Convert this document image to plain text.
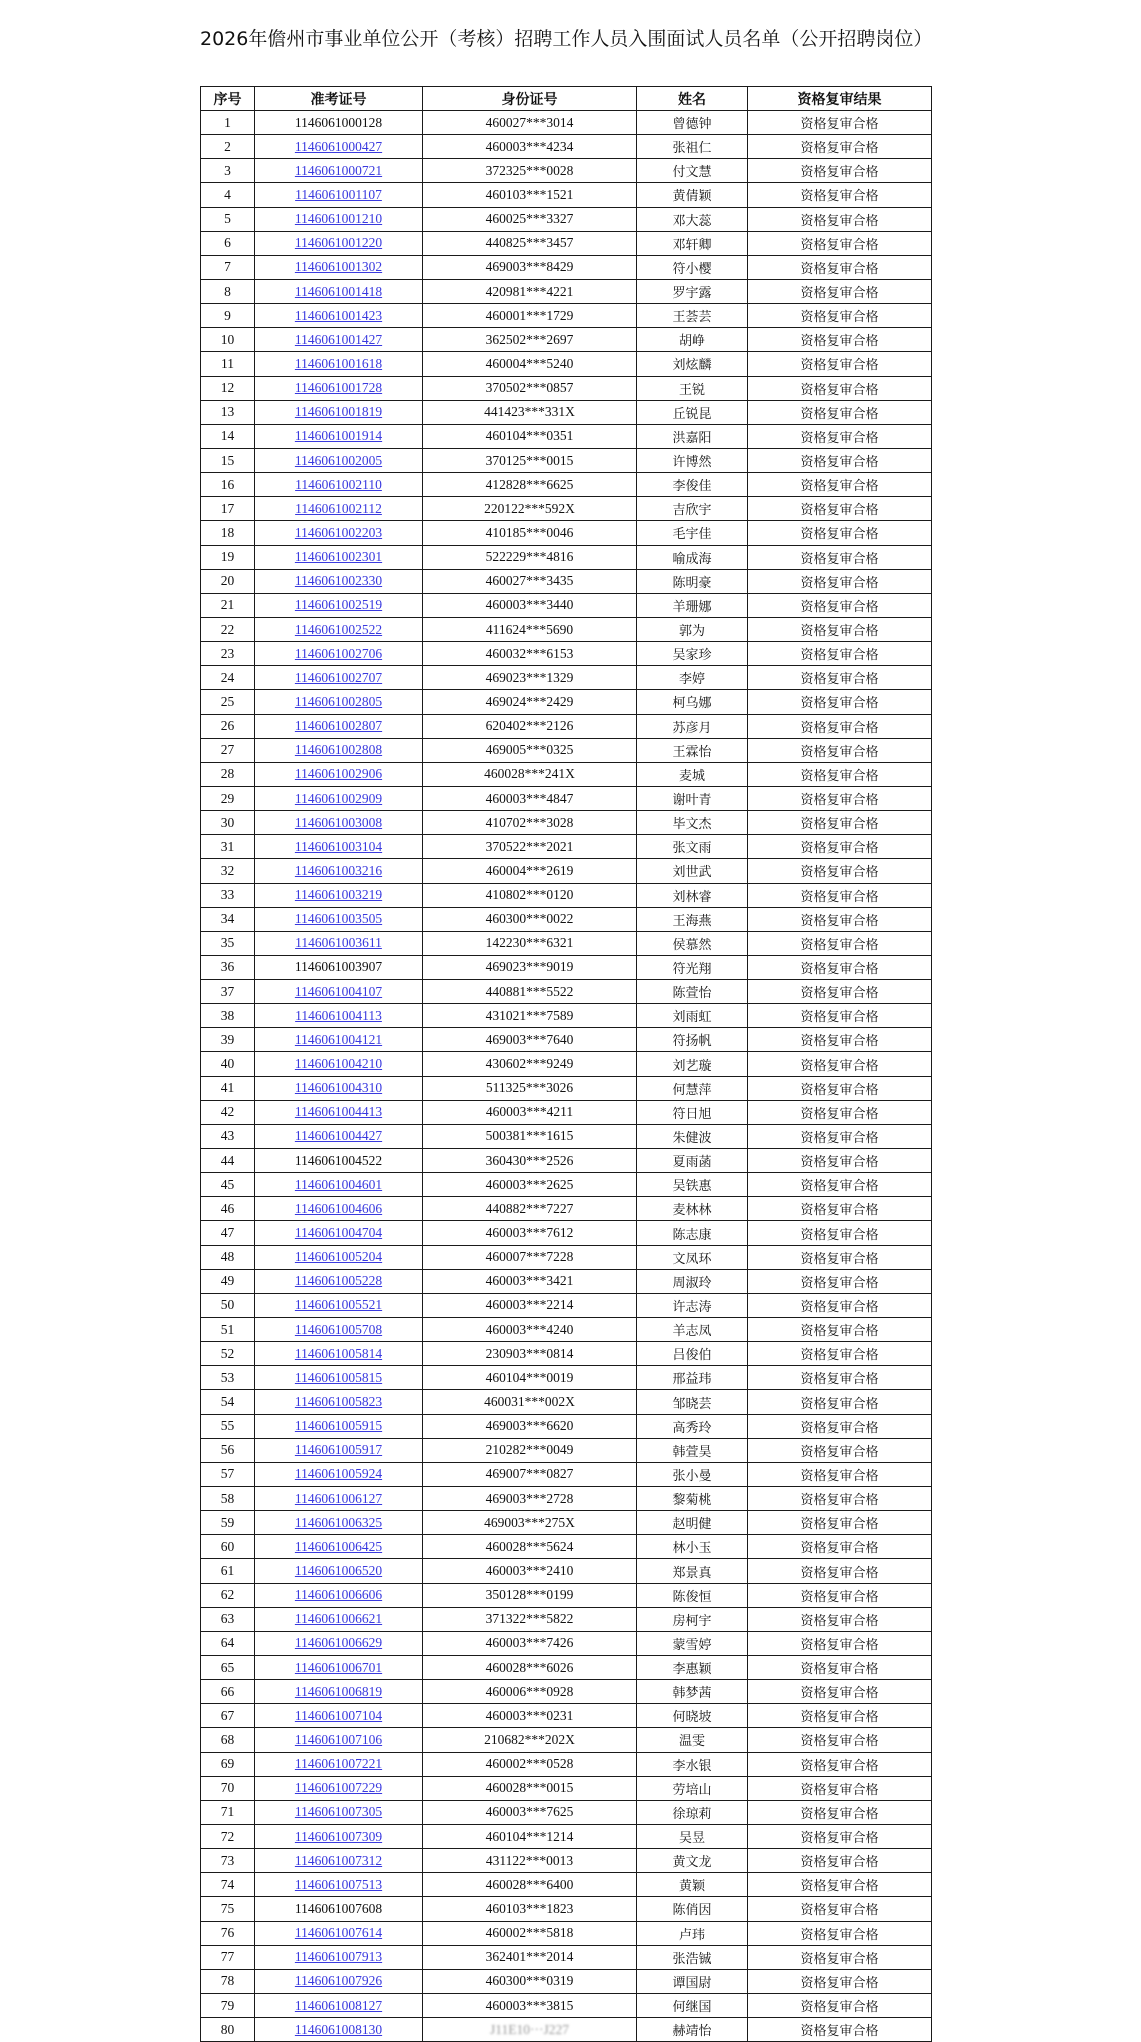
2026年儋州市事业单位公开（考核）招聘工作人员入围面试人员名单（公开招聘岗位）
序号	准考证号	身份证号	姓名	资格复审结果
1	1146061000128	460027***3014	曾德钟	资格复审合格
2	1146061000427	460003***4234	张祖仁	资格复审合格
3	1146061000721	372325***0028	付文慧	资格复审合格
4	1146061001107	460103***1521	黄倩颖	资格复审合格
5	1146061001210	460025***3327	邓大蕊	资格复审合格
6	1146061001220	440825***3457	邓轩卿	资格复审合格
7	1146061001302	469003***8429	符小樱	资格复审合格
8	1146061001418	420981***4221	罗宇露	资格复审合格
9	1146061001423	460001***1729	王荟芸	资格复审合格
10	1146061001427	362502***2697	胡峥	资格复审合格
11	1146061001618	460004***5240	刘炫麟	资格复审合格
12	1146061001728	370502***0857	王锐	资格复审合格
13	1146061001819	441423***331X	丘锐昆	资格复审合格
14	1146061001914	460104***0351	洪嘉阳	资格复审合格
15	1146061002005	370125***0015	许博然	资格复审合格
16	1146061002110	412828***6625	李俊佳	资格复审合格
17	1146061002112	220122***592X	吉欣宇	资格复审合格
18	1146061002203	410185***0046	毛宇佳	资格复审合格
19	1146061002301	522229***4816	喻成海	资格复审合格
20	1146061002330	460027***3435	陈明豪	资格复审合格
21	1146061002519	460003***3440	羊珊娜	资格复审合格
22	1146061002522	411624***5690	郭为	资格复审合格
23	1146061002706	460032***6153	吴家珍	资格复审合格
24	1146061002707	469023***1329	李婷	资格复审合格
25	1146061002805	469024***2429	柯乌娜	资格复审合格
26	1146061002807	620402***2126	苏彦月	资格复审合格
27	1146061002808	469005***0325	王霖怡	资格复审合格
28	1146061002906	460028***241X	麦城	资格复审合格
29	1146061002909	460003***4847	谢叶青	资格复审合格
30	1146061003008	410702***3028	毕文杰	资格复审合格
31	1146061003104	370522***2021	张文雨	资格复审合格
32	1146061003216	460004***2619	刘世武	资格复审合格
33	1146061003219	410802***0120	刘林睿	资格复审合格
34	1146061003505	460300***0022	王海燕	资格复审合格
35	1146061003611	142230***6321	侯慕然	资格复审合格
36	1146061003907	469023***9019	符光翔	资格复审合格
37	1146061004107	440881***5522	陈萱怡	资格复审合格
38	1146061004113	431021***7589	刘雨虹	资格复审合格
39	1146061004121	469003***7640	符扬帆	资格复审合格
40	1146061004210	430602***9249	刘艺璇	资格复审合格
41	1146061004310	511325***3026	何慧萍	资格复审合格
42	1146061004413	460003***4211	符日旭	资格复审合格
43	1146061004427	500381***1615	朱健波	资格复审合格
44	1146061004522	360430***2526	夏雨菡	资格复审合格
45	1146061004601	460003***2625	吴铁惠	资格复审合格
46	1146061004606	440882***7227	麦林林	资格复审合格
47	1146061004704	460003***7612	陈志康	资格复审合格
48	1146061005204	460007***7228	文凤环	资格复审合格
49	1146061005228	460003***3421	周淑玲	资格复审合格
50	1146061005521	460003***2214	许志涛	资格复审合格
51	1146061005708	460003***4240	羊志凤	资格复审合格
52	1146061005814	230903***0814	吕俊伯	资格复审合格
53	1146061005815	460104***0019	邢益玮	资格复审合格
54	1146061005823	460031***002X	邹晓芸	资格复审合格
55	1146061005915	469003***6620	高秀玲	资格复审合格
56	1146061005917	210282***0049	韩萱昊	资格复审合格
57	1146061005924	469007***0827	张小曼	资格复审合格
58	1146061006127	469003***2728	黎菊桃	资格复审合格
59	1146061006325	469003***275X	赵明健	资格复审合格
60	1146061006425	460028***5624	林小玉	资格复审合格
61	1146061006520	460003***2410	郑景真	资格复审合格
62	1146061006606	350128***0199	陈俊恒	资格复审合格
63	1146061006621	371322***5822	房柯宇	资格复审合格
64	1146061006629	460003***7426	蒙雪婷	资格复审合格
65	1146061006701	460028***6026	李惠颖	资格复审合格
66	1146061006819	460006***0928	韩梦茜	资格复审合格
67	1146061007104	460003***0231	何晓坡	资格复审合格
68	1146061007106	210682***202X	温雯	资格复审合格
69	1146061007221	460002***0528	李水银	资格复审合格
70	1146061007229	460028***0015	劳培山	资格复审合格
71	1146061007305	460003***7625	徐琼莉	资格复审合格
72	1146061007309	460104***1214	吴昱	资格复审合格
73	1146061007312	431122***0013	黄文龙	资格复审合格
74	1146061007513	460028***6400	黄颖	资格复审合格
75	1146061007608	460103***1823	陈俏因	资格复审合格
76	1146061007614	460002***5818	卢玮	资格复审合格
77	1146061007913	362401***2014	张浩铖	资格复审合格
78	1146061007926	460300***0319	谭国尉	资格复审合格
79	1146061008127	460003***3815	何继国	资格复审合格
80	1146061008130	J11E10···J227	赫靖怡	资格复审合格
